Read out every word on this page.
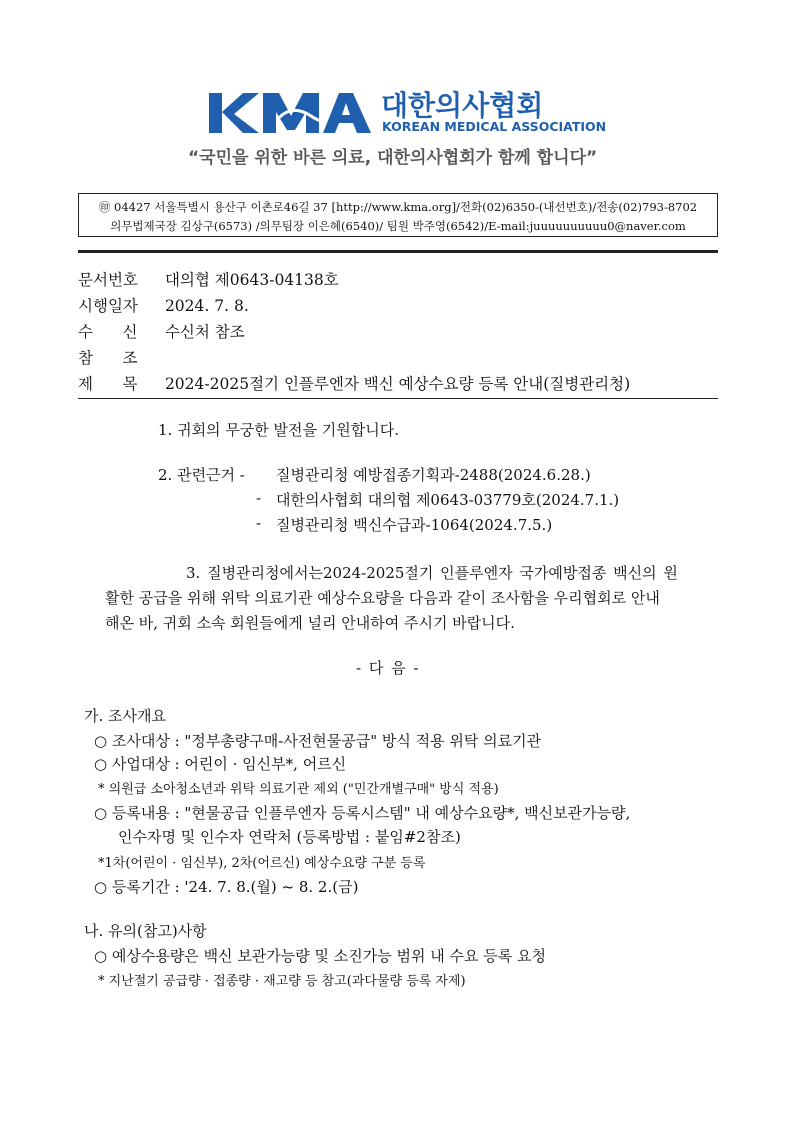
대한의사협회
KOREAN MEDICAL ASSOCIATION
“국민을 위한 바른 의료, 대한의사협회가 함께 합니다”
㊞ 04427 서울특별시 용산구 이촌로46길 37 [http://www.kma.org]/전화(02)6350-(내선번호)/전송(02)793-8702
의무법제국장 김상구(6573) /의무팀장 이은혜(6540)/ 팀원 박주영(6542)/E-mail:juuuuuuuuuu0@naver.com
문서번호 대의협 제0643-04138호
시행일자 2024. 7. 8.
수      신 수신처 참조
참      조
제      목 2024-2025절기 인플루엔자 백신 예상수요량 등록 안내(질병관리청)
1. 귀회의 무궁한 발전을 기원합니다.
2. 관련근거 - 질병관리청 예방접종기획과-2488(2024.6.28.)
- 대한의사협회 대의협 제0643-03779호(2024.7.1.)
- 질병관리청 백신수급과-1064(2024.7.5.)
3. 질병관리청에서는2024-2025절기 인플루엔자 국가예방접종 백신의 원
활한 공급을 위해 위탁 의료기관 예상수요량을 다음과 같이 조사함을 우리협회로 안내
해온 바, 귀회 소속 회원들에게 널리 안내하여 주시기 바랍니다.
- 다 음 -
가. 조사개요
○ 조사대상 : "정부총량구매-사전현물공급" 방식 적용 위탁 의료기관
○ 사업대상 : 어린이 · 임신부*, 어르신
* 의원급 소아청소년과 위탁 의료기관 제외 ("민간개별구매" 방식 적용)
○ 등록내용 : "현물공급 인플루엔자 등록시스템" 내 예상수요량*, 백신보관가능량,
인수자명 및 인수자 연락처 (등록방법 : 붙임#2참조)
*1차(어린이 · 임신부), 2차(어르신) 예상수요량 구분 등록
○ 등록기간 : '24. 7. 8.(월) ~ 8. 2.(금)
나. 유의(참고)사항
○ 예상수용량은 백신 보관가능량 및 소진가능 범위 내 수요 등록 요청
* 지난절기 공급량 · 접종량 · 재고량 등 참고(과다물량 등록 자제)
